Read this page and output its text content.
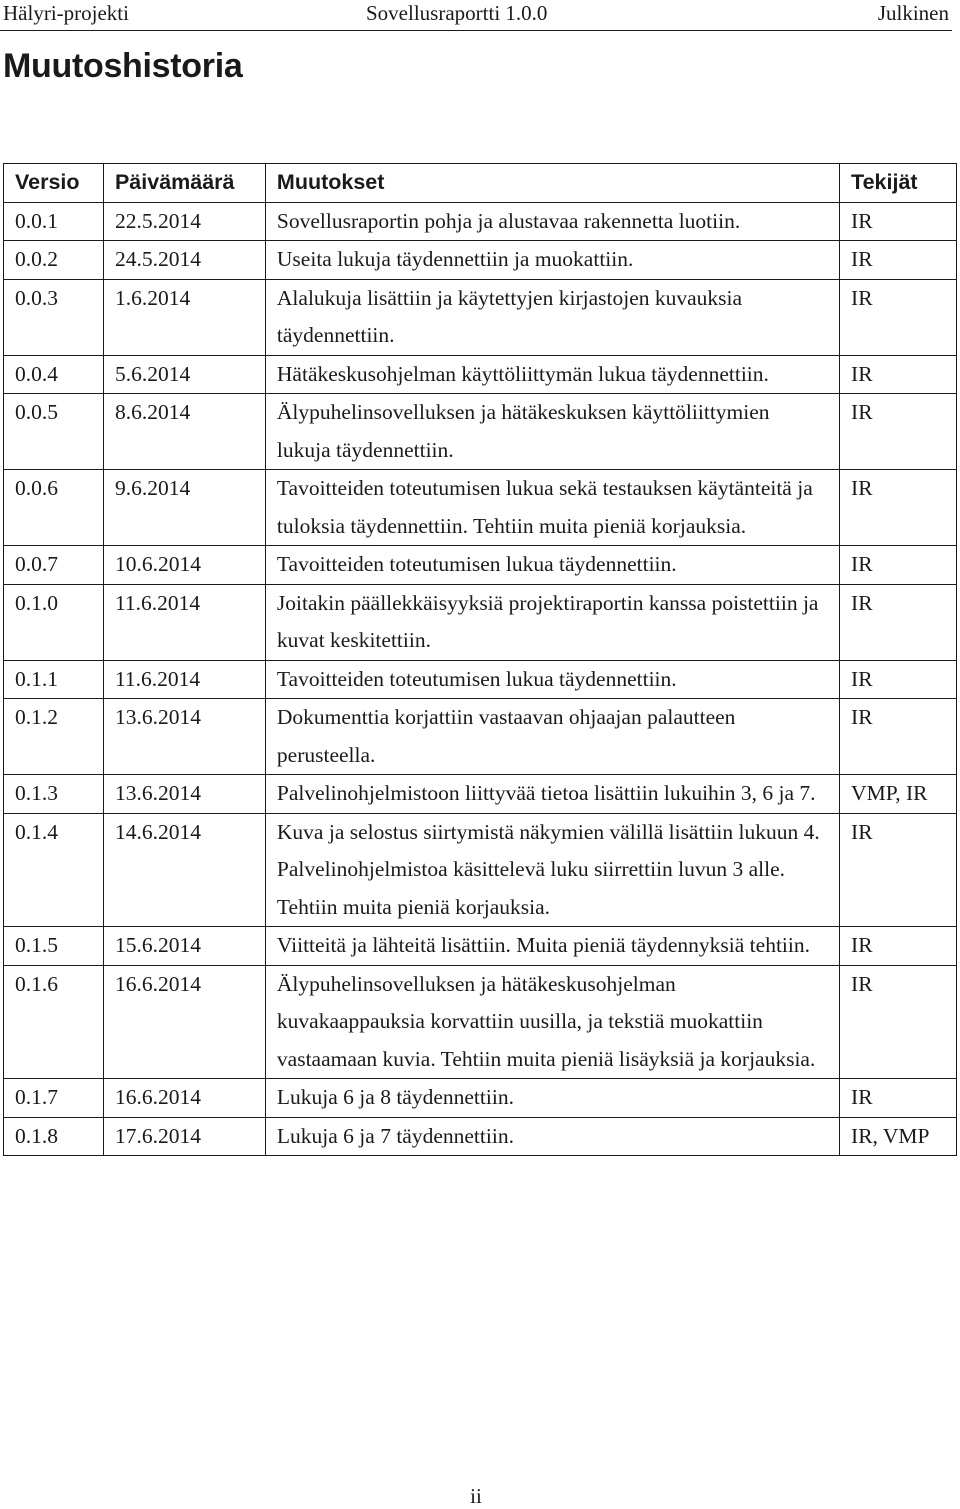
Hälyri-projekti	Sovellusraportti 1.0.0	Julkinen
Muutoshistoria
Versio	Päivämäärä	Muutokset	Tekijät
0.0.1	22.5.2014	Sovellusraportin pohja ja alustavaa rakennetta luotiin.	IR
0.0.2	24.5.2014	Useita lukuja täydennettiin ja muokattiin.	IR
0.0.3	1.6.2014	Alalukuja lisättiin ja käytettyjen kirjastojen kuvauksia täydennettiin.	IR
0.0.4	5.6.2014	Hätäkeskusohjelman käyttöliittymän lukua täydennettiin.	IR
0.0.5	8.6.2014	Älypuhelinsovelluksen ja hätäkeskuksen käyttöliittymien lukuja täydennettiin.	IR
0.0.6	9.6.2014	Tavoitteiden toteutumisen lukua sekä testauksen käytänteitä ja tuloksia täydennettiin. Tehtiin muita pieniä korjauksia.	IR
0.0.7	10.6.2014	Tavoitteiden toteutumisen lukua täydennettiin.	IR
0.1.0	11.6.2014	Joitakin päällekkäisyyksiä projektiraportin kanssa poistettiin ja kuvat keskitettiin.	IR
0.1.1	11.6.2014	Tavoitteiden toteutumisen lukua täydennettiin.	IR
0.1.2	13.6.2014	Dokumenttia korjattiin vastaavan ohjaajan palautteen perusteella.	IR
0.1.3	13.6.2014	Palvelinohjelmistoon liittyvää tietoa lisättiin lukuihin 3, 6 ja 7.	VMP, IR
0.1.4	14.6.2014	Kuva ja selostus siirtymistä näkymien välillä lisättiin lukuun 4. Palvelinohjelmistoa käsittelevä luku siirrettiin luvun 3 alle. Tehtiin muita pieniä korjauksia.	IR
0.1.5	15.6.2014	Viitteitä ja lähteitä lisättiin. Muita pieniä täydennyksiä tehtiin.	IR
0.1.6	16.6.2014	Älypuhelinsovelluksen ja hätäkeskusohjelman kuvakaappauksia korvattiin uusilla, ja tekstiä muokattiin vastaamaan kuvia. Tehtiin muita pieniä lisäyksiä ja korjauksia.	IR
0.1.7	16.6.2014	Lukuja 6 ja 8 täydennettiin.	IR
0.1.8	17.6.2014	Lukuja 6 ja 7 täydennettiin.	IR, VMP
ii
